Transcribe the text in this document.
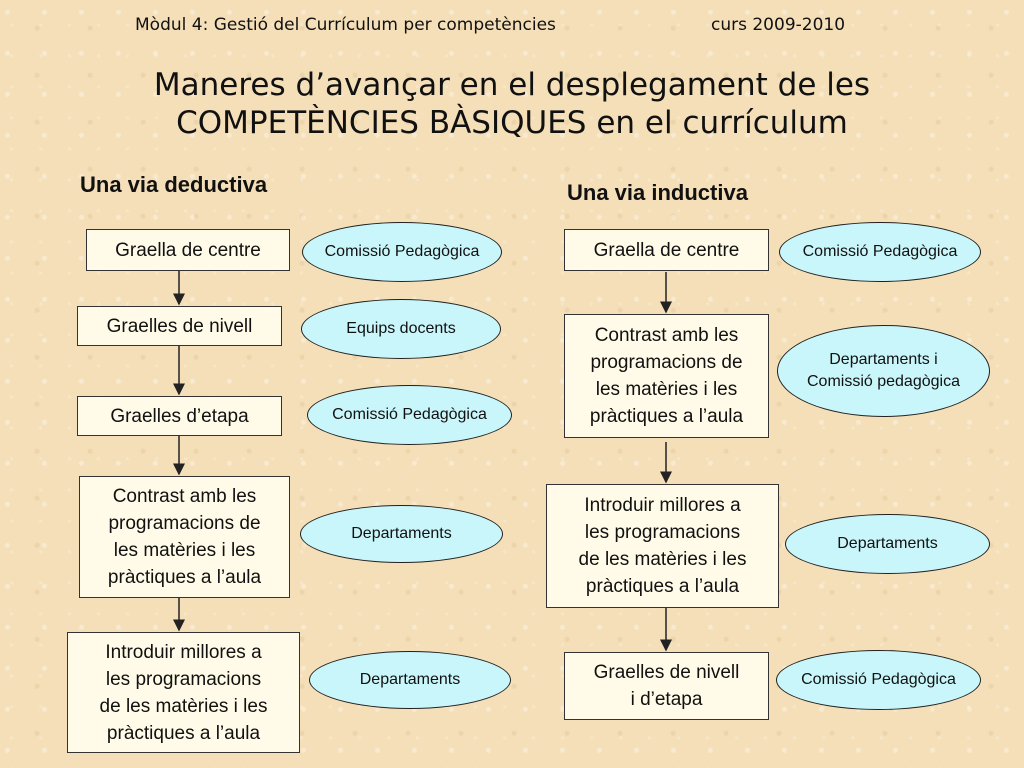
Mòdul 4: Gestió del Currículum per competències	curs 2009-2010
Maneres d’avançar en el desplegament de les
COMPETÈNCIES BÀSIQUES en el currículum
Una via deductiva	Una via inductiva
Graella de centre
Graelles de nivell
Graelles d’etapa
Contrast amb les
programacions de
les matèries i les
pràctiques a l’aula
Introduir millores a
les programacions
de les matèries i les
pràctiques a l’aula
Comissió Pedagògica
Equips docents
Comissió Pedagògica
Departaments
Departaments
Graella de centre
Contrast amb les
programacions de
les matèries i les
pràctiques a l’aula
Introduir millores a
les programacions
de les matèries i les
pràctiques a l’aula
Graelles de nivell
i d’etapa
Comissió Pedagògica
Departaments i
Comissió pedagògica
Departaments
Comissió Pedagògica
